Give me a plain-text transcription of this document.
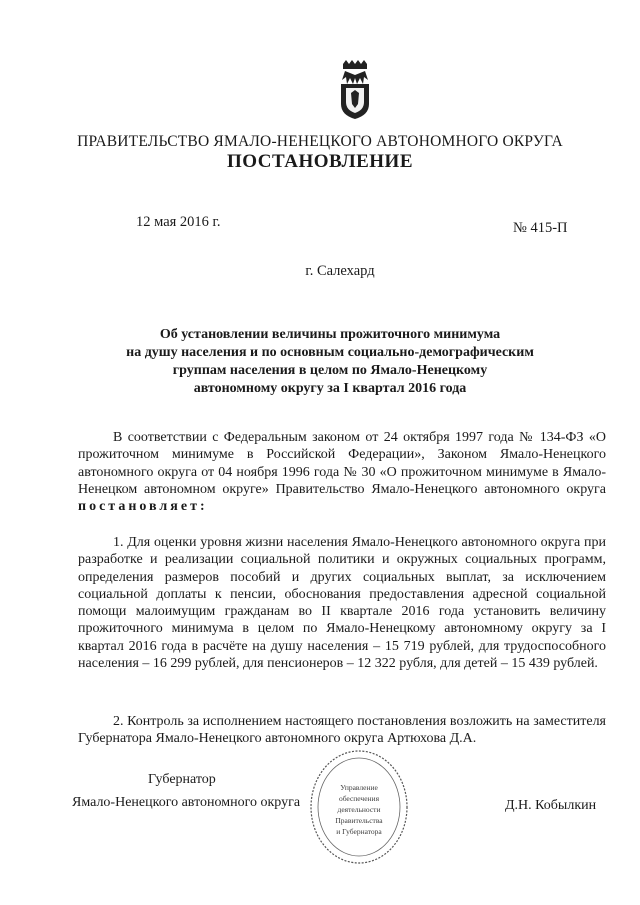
ПРАВИТЕЛЬСТВО ЯМАЛО-НЕНЕЦКОГО АВТОНОМНОГО ОКРУГА
ПОСТАНОВЛЕНИЕ
12 мая 2016 г.	№ 415-П
г. Салехард
Об установлении величины прожиточного минимума
на душу населения и по основным социально-демографическим
группам населения в целом по Ямало-Ненецкому
автономному округу за I квартал 2016 года

В соответствии с Федеральным законом от 24 октября 1997 года № 134-ФЗ «О прожиточном минимуме в Российской Федерации», Законом Ямало-Ненецкого автономного округа от 04 ноября 1996 года № 30 «О прожиточном минимуме в Ямало-Ненецком автономном округе» Правительство Ямало-Ненецкого автономного округа постановляет:

1. Для оценки уровня жизни населения Ямало-Ненецкого автономного округа при разработке и реализации социальной политики и окружных социальных программ, определения размеров пособий и других социальных выплат, за исключением социальной доплаты к пенсии, обоснования предоставления адресной социальной помощи малоимущим гражданам во II квартале 2016 года установить величину прожиточного минимума в целом по Ямало-Ненецкому автономному округу за I квартал 2016 года в расчёте на душу населения – 15 719 рублей, для трудоспособного населения – 16 299 рублей, для пенсионеров – 12 322 рубля, для детей – 15 439 рублей.

2. Контроль за исполнением настоящего постановления возложить на заместителя Губернатора Ямало-Ненецкого автономного округа Артюхова Д.А.

Губернатор
Ямало-Ненецкого автономного округа	Д.Н. Кобылкин
Управление
обеспечения
деятельности
Правительства
и Губернатора
